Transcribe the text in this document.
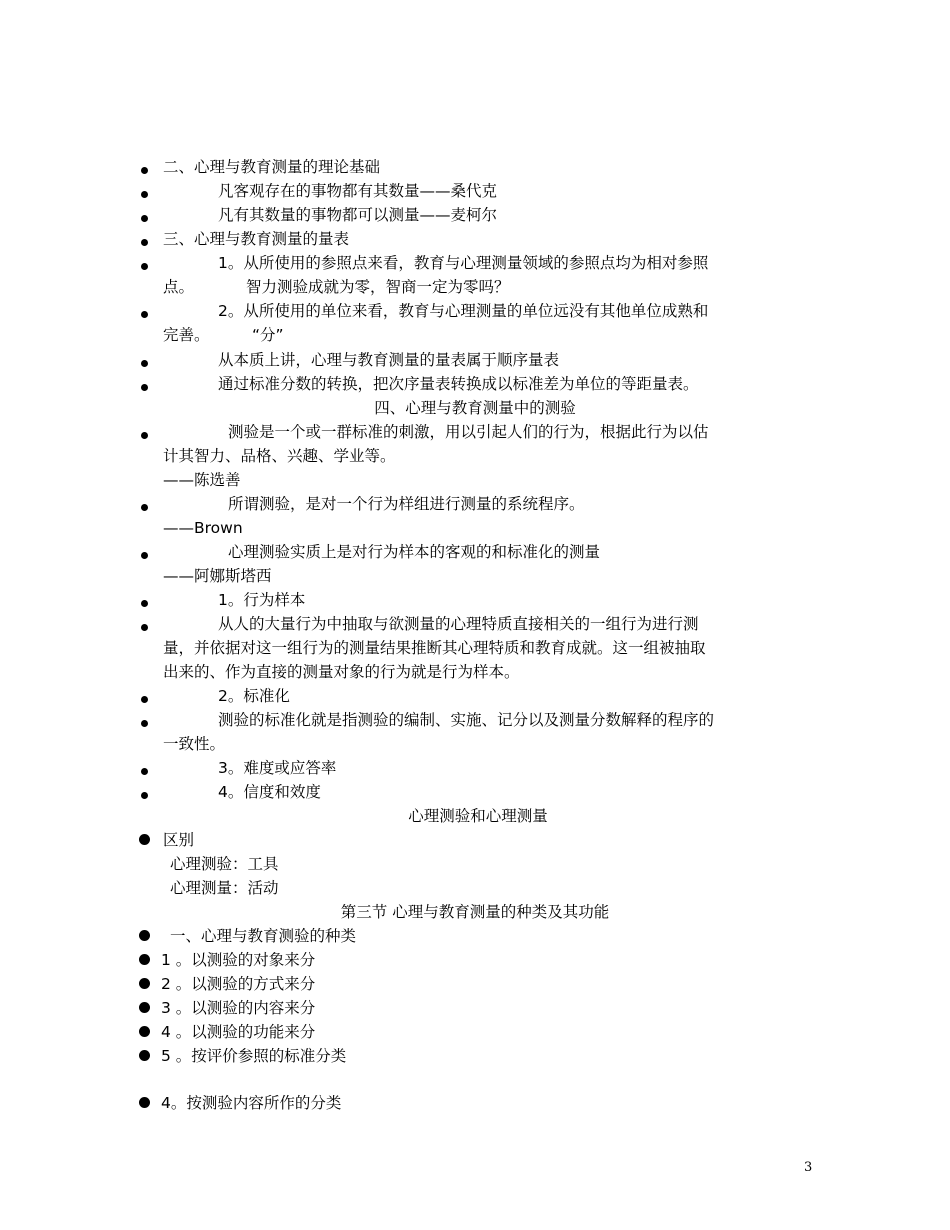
二、心理与教育测量的理论基础
凡客观存在的事物都有其数量——桑代克
凡有其数量的事物都可以测量——麦柯尔
三、心理与教育测量的量表
1。从所使用的参照点来看，教育与心理测量领域的参照点均为相对参照
点。	智力测验成就为零，智商一定为零吗？
2。从所使用的单位来看，教育与心理测量的单位远没有其他单位成熟和
完善。	“分”
从本质上讲，心理与教育测量的量表属于顺序量表
通过标准分数的转换，把次序量表转换成以标准差为单位的等距量表。
四、心理与教育测量中的测验
测验是一个或一群标准的刺激，用以引起人们的行为，根据此行为以估
计其智力、品格、兴趣、学业等。
——陈选善
所谓测验，是对一个行为样组进行测量的系统程序。
——Brown
心理测验实质上是对行为样本的客观的和标准化的测量
——阿娜斯塔西
1。行为样本
从人的大量行为中抽取与欲测量的心理特质直接相关的一组行为进行测
量，并依据对这一组行为的测量结果推断其心理特质和教育成就。这一组被抽取
出来的、作为直接的测量对象的行为就是行为样本。
2。标准化
测验的标准化就是指测验的编制、实施、记分以及测量分数解释的程序的
一致性。
3。难度或应答率
4。信度和效度
心理测验和心理测量
区别
心理测验：工具
心理测量：活动
第三节 心理与教育测量的种类及其功能
一、心理与教育测验的种类
1 。以测验的对象来分
2 。以测验的方式来分
3 。以测验的内容来分
4 。以测验的功能来分
5 。按评价参照的标准分类
4。按测验内容所作的分类
3
